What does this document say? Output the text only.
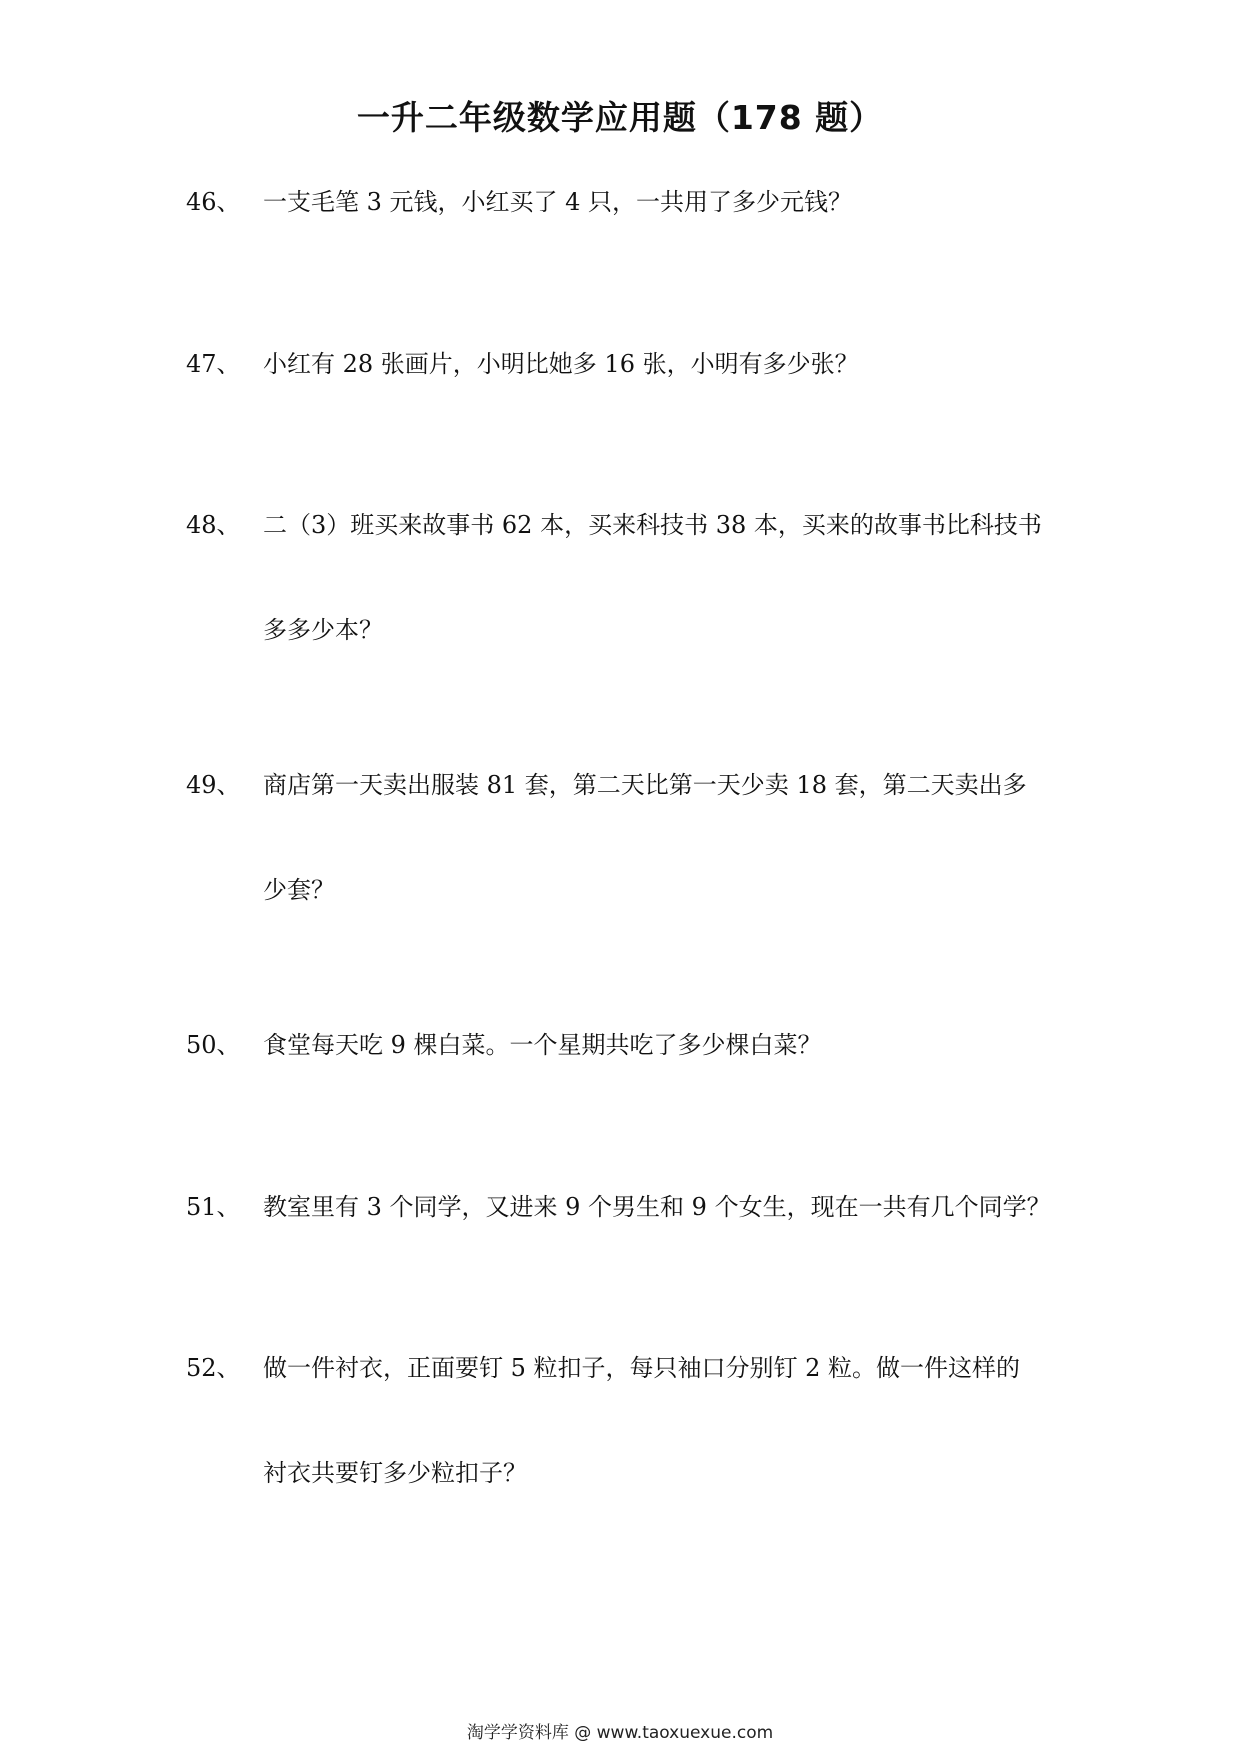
一升二年级数学应用题（178 题）
46、 一支毛笔 3 元钱，小红买了 4 只，一共用了多少元钱？
47、 小红有 28 张画片，小明比她多 16 张，小明有多少张？
48、 二（3）班买来故事书 62 本，买来科技书 38 本，买来的故事书比科技书
多多少本？
49、 商店第一天卖出服装 81 套，第二天比第一天少卖 18 套，第二天卖出多
少套？
50、 食堂每天吃 9 棵白菜。一个星期共吃了多少棵白菜？
51、 教室里有 3 个同学，又进来 9 个男生和 9 个女生，现在一共有几个同学？
52、 做一件衬衣，正面要钉 5 粒扣子，每只袖口分别钉 2 粒。做一件这样的
衬衣共要钉多少粒扣子？
淘学学资料库 @ www.taoxuexue.com
